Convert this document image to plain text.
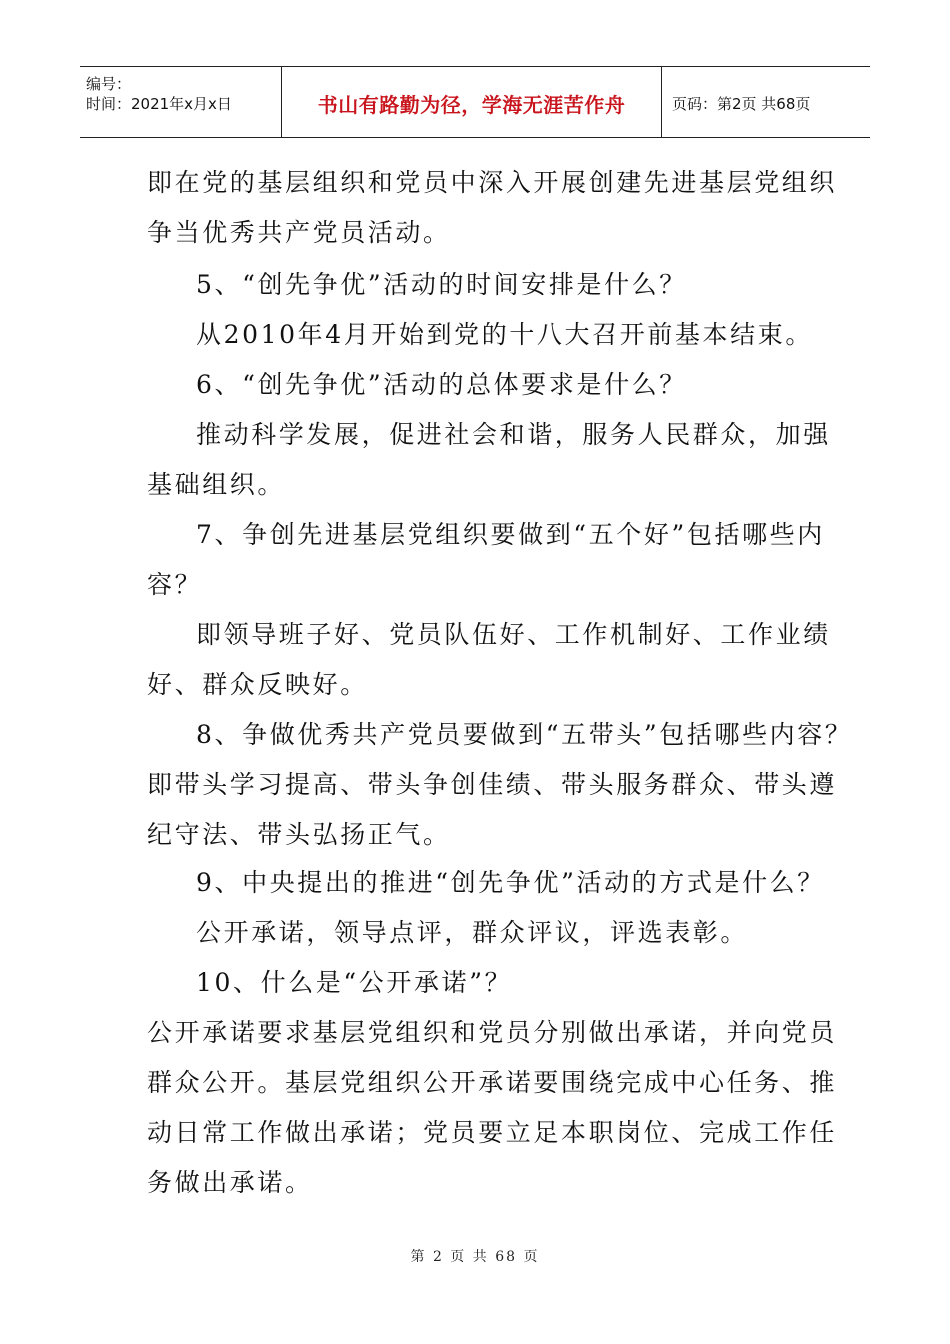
编号：
时间：2021年x月x日	书山有路勤为径，学海无涯苦作舟	页码：第2页 共68页
即在党的基层组织和党员中深入开展创建先进基层党组织
争当优秀共产党员活动。
5、“创先争优”活动的时间安排是什么？
从2010年4月开始到党的十八大召开前基本结束。
6、“创先争优”活动的总体要求是什么？
推动科学发展，促进社会和谐，服务人民群众，加强
基础组织。
7、争创先进基层党组织要做到“五个好”包括哪些内
容？
即领导班子好、党员队伍好、工作机制好、工作业绩
好、群众反映好。
8、争做优秀共产党员要做到“五带头”包括哪些内容？
即带头学习提高、带头争创佳绩、带头服务群众、带头遵
纪守法、带头弘扬正气。
9、中央提出的推进“创先争优”活动的方式是什么？
公开承诺，领导点评，群众评议，评选表彰。
10、什么是“公开承诺”？
公开承诺要求基层党组织和党员分别做出承诺，并向党员
群众公开。基层党组织公开承诺要围绕完成中心任务、推
动日常工作做出承诺；党员要立足本职岗位、完成工作任
务做出承诺。
第 2 页 共 68 页
